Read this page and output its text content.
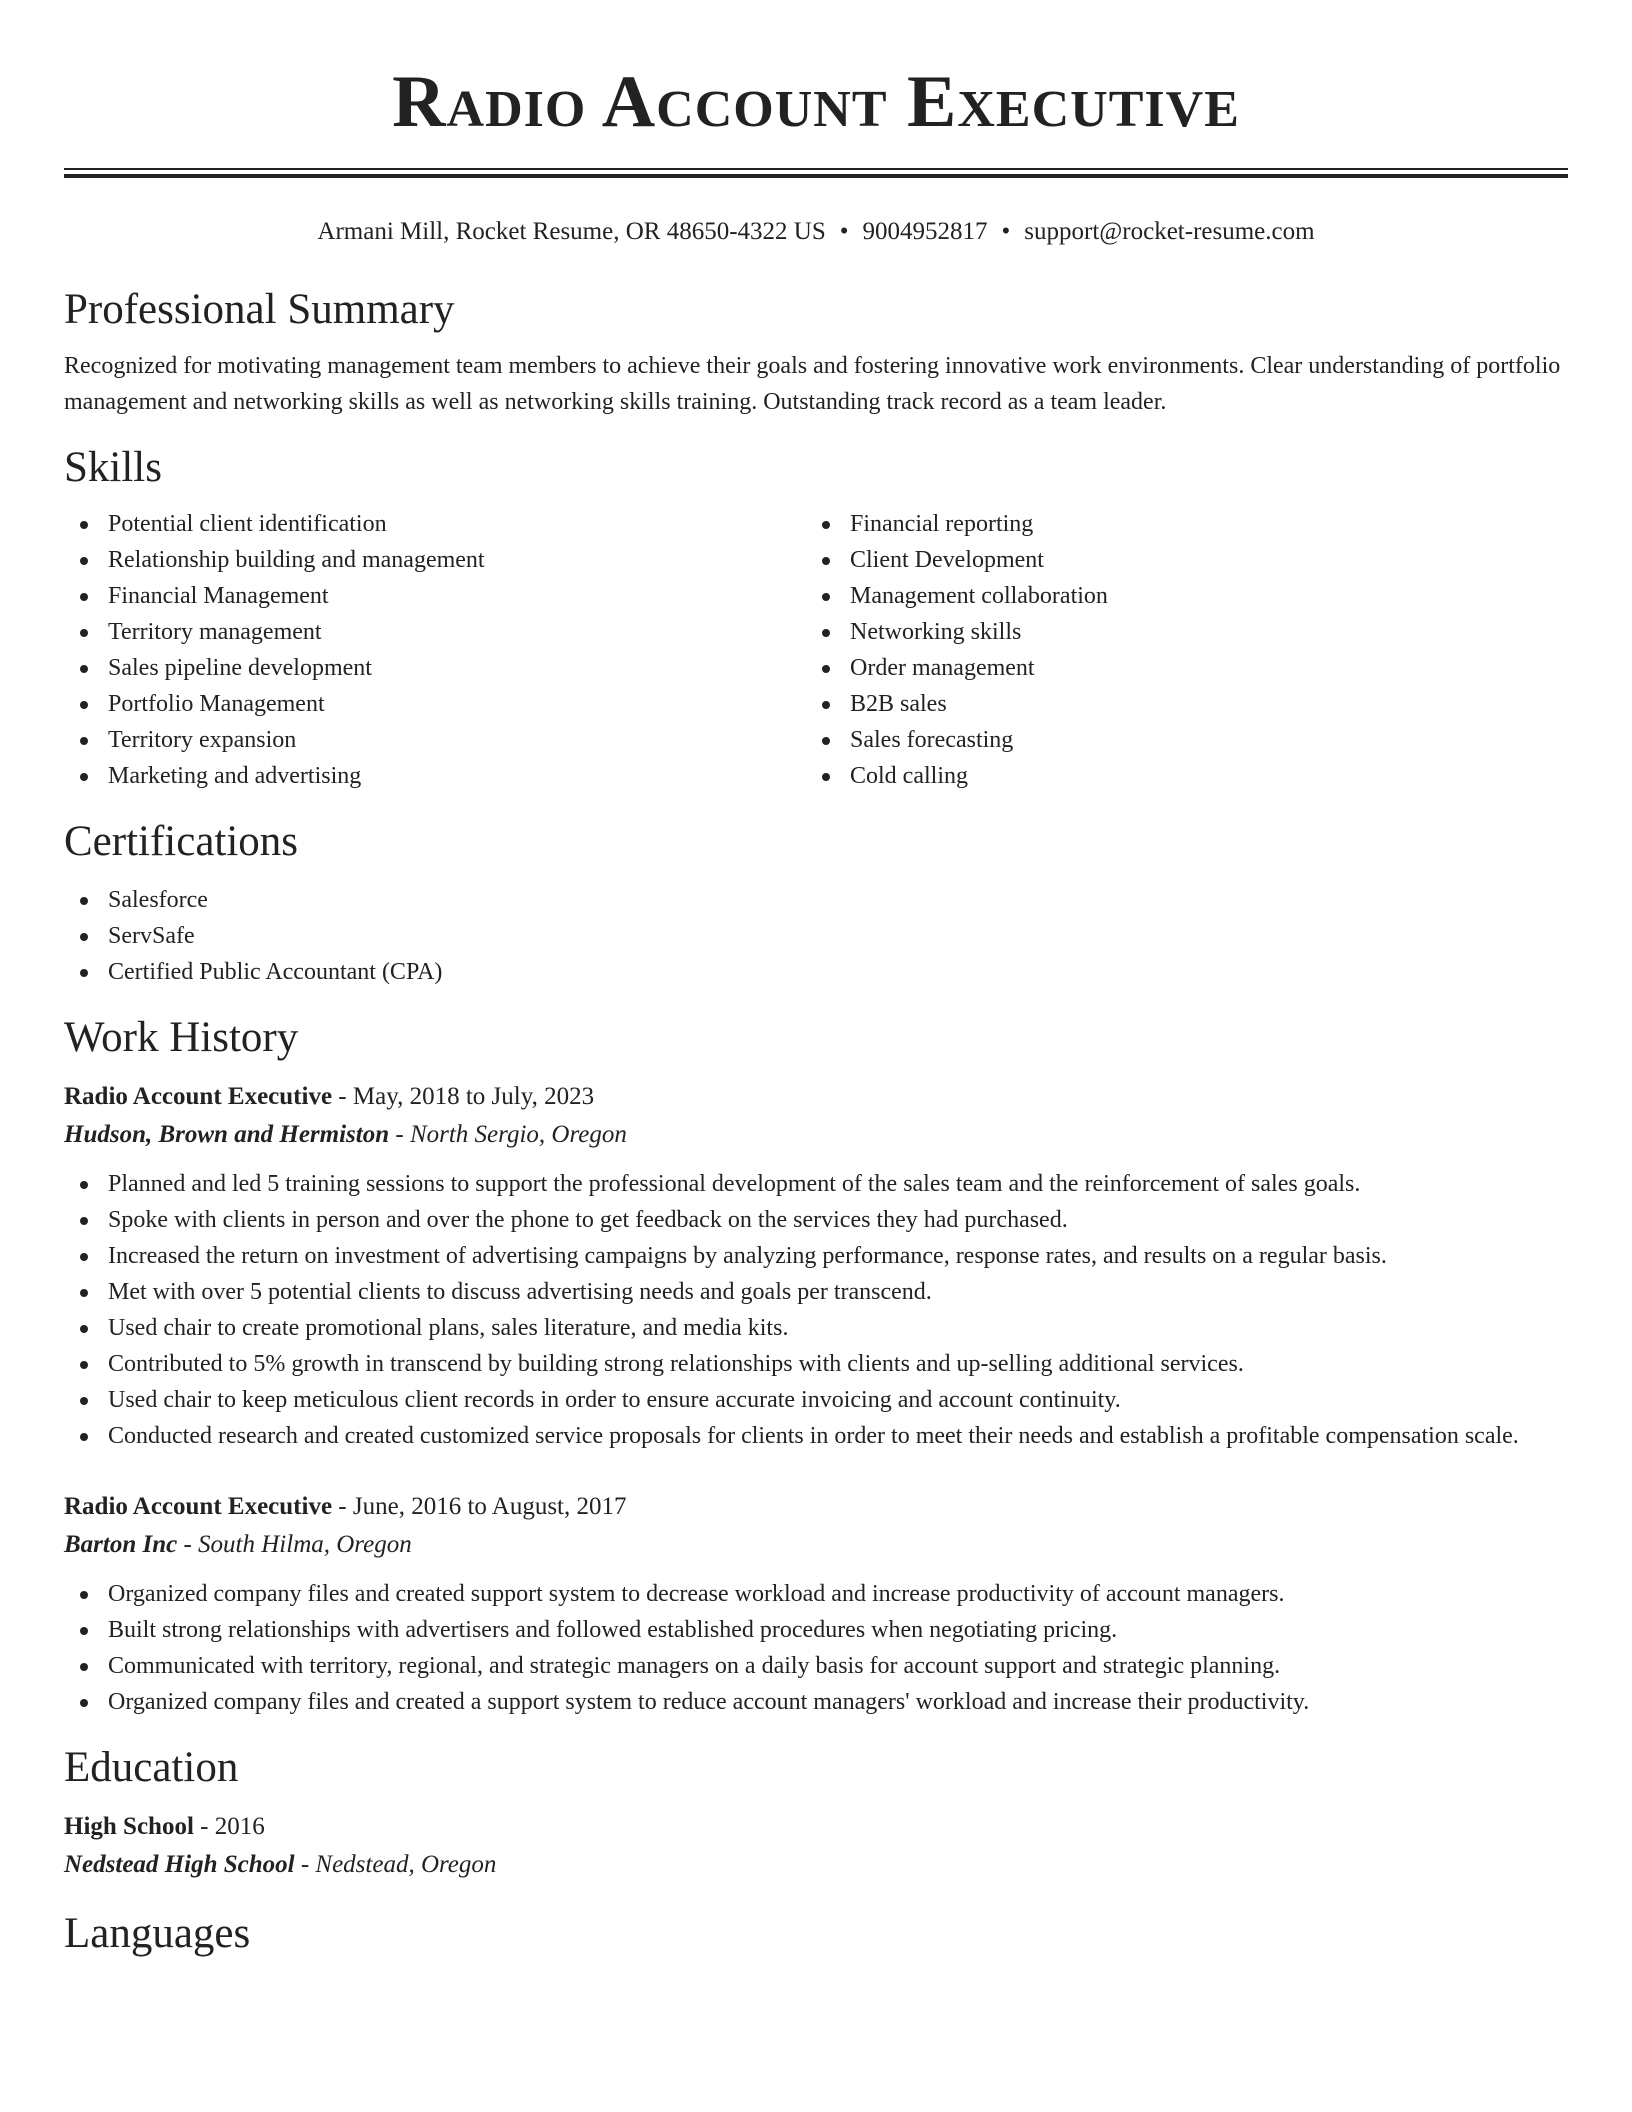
Radio Account Executive
Armani Mill, Rocket Resume, OR 48650-4322 US • 9004952817 • support@rocket-resume.com
Professional Summary
Recognized for motivating management team members to achieve their goals and fostering innovative work environments. Clear understanding of portfolio management and networking skills as well as networking skills training. Outstanding track record as a team leader.
Skills
Potential client identification
Relationship building and management
Financial Management
Territory management
Sales pipeline development
Portfolio Management
Territory expansion
Marketing and advertising
Financial reporting
Client Development
Management collaboration
Networking skills
Order management
B2B sales
Sales forecasting
Cold calling
Certifications
Salesforce
ServSafe
Certified Public Accountant (CPA)
Work History
Radio Account Executive - May, 2018 to July, 2023
Hudson, Brown and Hermiston - North Sergio, Oregon
Planned and led 5 training sessions to support the professional development of the sales team and the reinforcement of sales goals.
Spoke with clients in person and over the phone to get feedback on the services they had purchased.
Increased the return on investment of advertising campaigns by analyzing performance, response rates, and results on a regular basis.
Met with over 5 potential clients to discuss advertising needs and goals per transcend.
Used chair to create promotional plans, sales literature, and media kits.
Contributed to 5% growth in transcend by building strong relationships with clients and up-selling additional services.
Used chair to keep meticulous client records in order to ensure accurate invoicing and account continuity.
Conducted research and created customized service proposals for clients in order to meet their needs and establish a profitable compensation scale.
Radio Account Executive - June, 2016 to August, 2017
Barton Inc - South Hilma, Oregon
Organized company files and created support system to decrease workload and increase productivity of account managers.
Built strong relationships with advertisers and followed established procedures when negotiating pricing.
Communicated with territory, regional, and strategic managers on a daily basis for account support and strategic planning.
Organized company files and created a support system to reduce account managers' workload and increase their productivity.
Education
High School - 2016
Nedstead High School - Nedstead, Oregon
Languages
